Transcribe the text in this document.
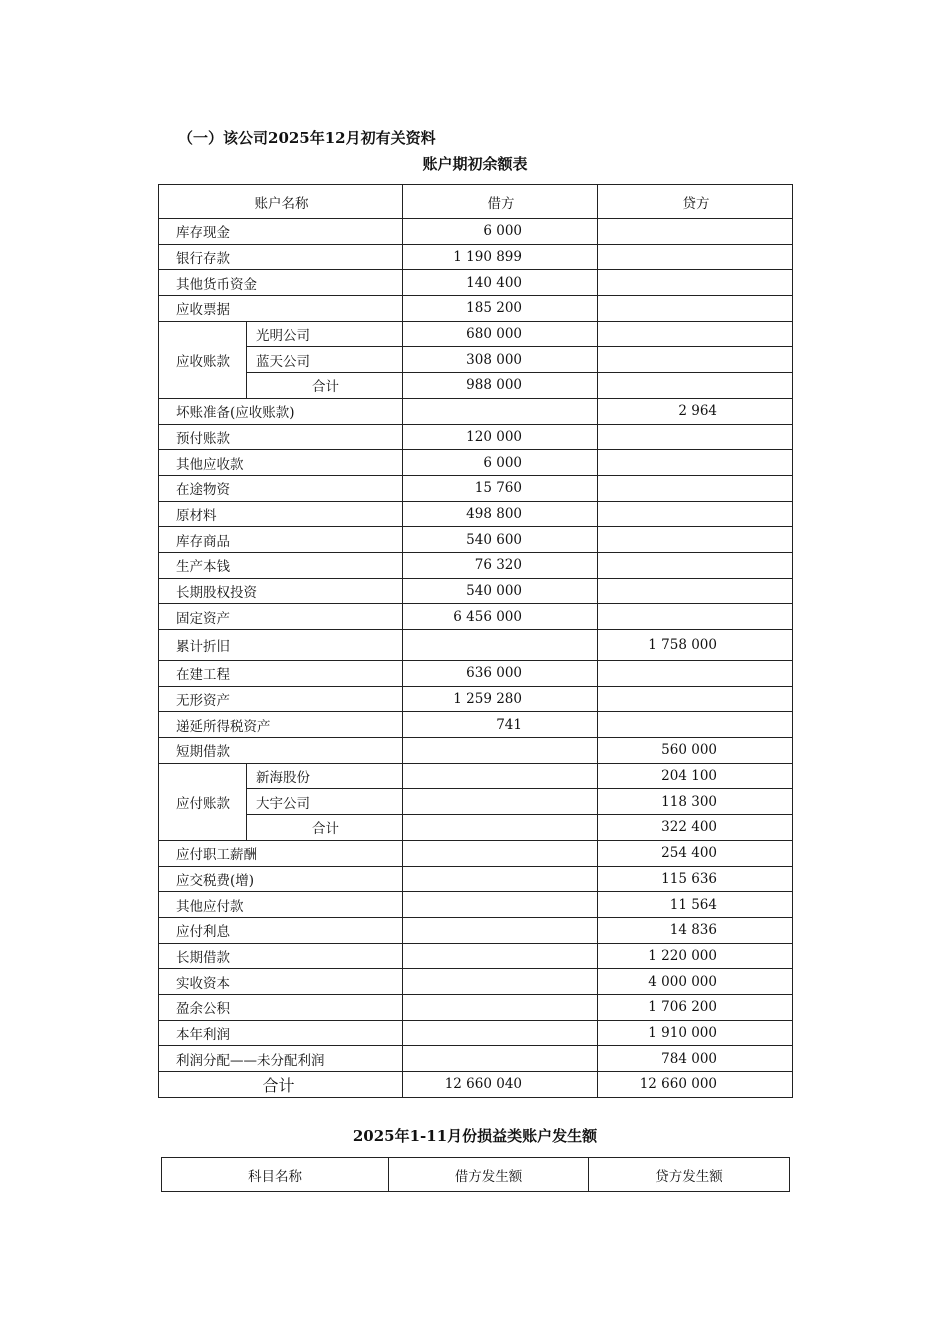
（一）该公司2025年12月初有关资料
账户期初余额表
账户名称		借方	贷方
库存现金		6 000	
银行存款		1 190 899	
其他货币资金		140 400	
应收票据		185 200	
应收账款	光明公司	680 000	
	蓝天公司	308 000	
	合计	988 000	
坏账准备(应收账款)			2 964
预付账款		120 000	
其他应收款		6 000	
在途物资		15 760	
原材料		498 800	
库存商品		540 600	
生产本钱		76 320	
长期股权投资		540 000	
固定资产		6 456 000	
累计折旧			1 758 000
在建工程		636 000	
无形资产		1 259 280	
递延所得税资产		741	
短期借款			560 000
应付账款	新海股份		204 100
	大宇公司		118 300
	合计		322 400
应付职工薪酬			254 400
应交税费(增)			115 636
其他应付款			11 564
应付利息			14 836
长期借款			1 220 000
实收资本			4 000 000
盈余公积			1 706 200
本年利润			1 910 000
利润分配——未分配利润			784 000
合计		12 660 040	12 660 000
2025年1-11月份损益类账户发生额
科目名称	借方发生额	贷方发生额
